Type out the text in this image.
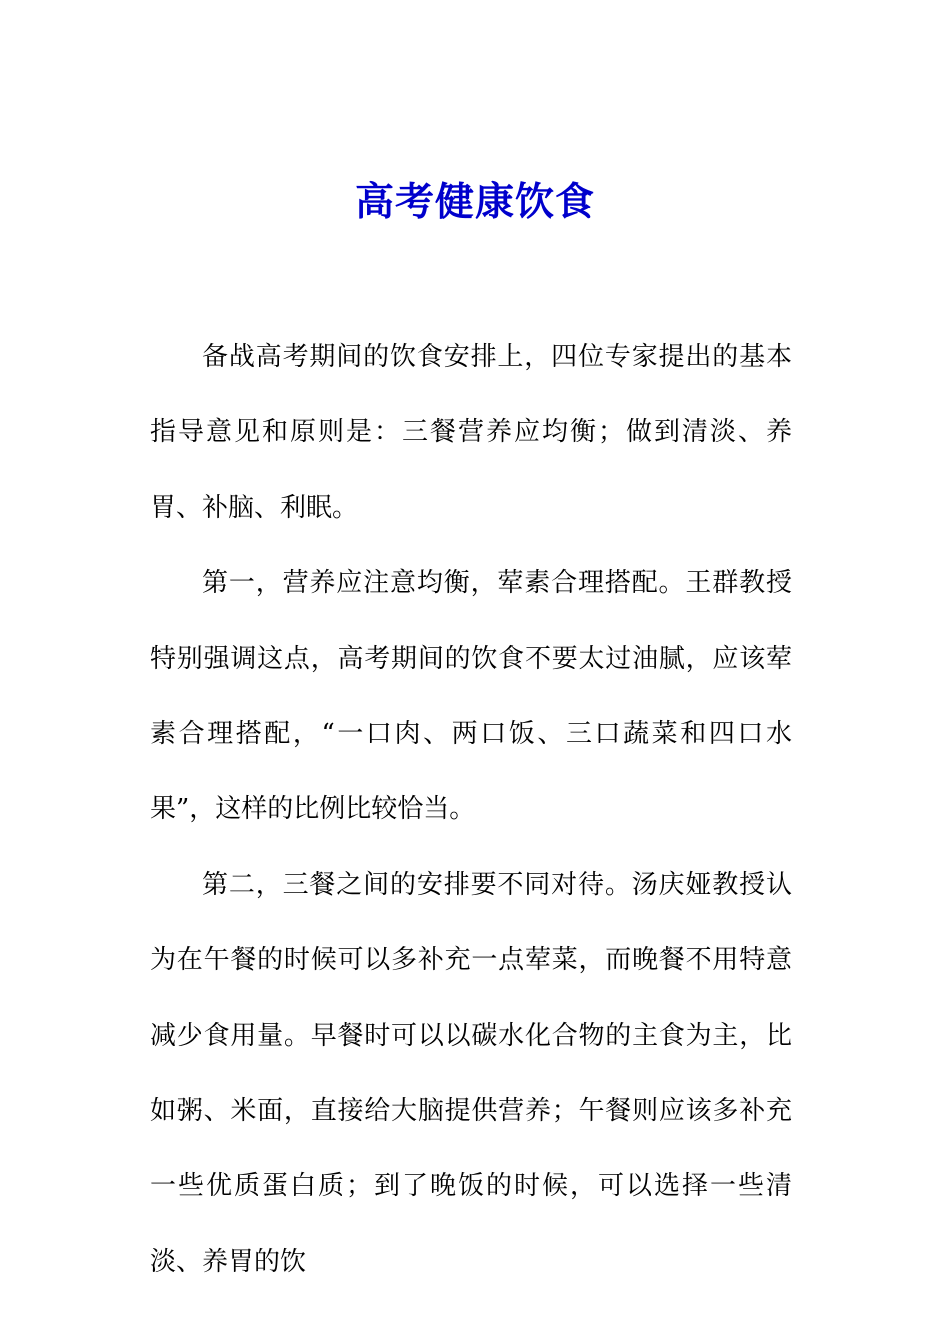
高考健康饮食

备战高考期间的饮食安排上，四位专家提出的基本指导意见和原则是：三餐营养应均衡；做到清淡、养胃、补脑、利眠。

第一，营养应注意均衡，荤素合理搭配。王群教授特别强调这点，高考期间的饮食不要太过油腻，应该荤素合理搭配，“一口肉、两口饭、三口蔬菜和四口水果”，这样的比例比较恰当。

第二，三餐之间的安排要不同对待。汤庆娅教授认为在午餐的时候可以多补充一点荤菜，而晚餐不用特意减少食用量。早餐时可以以碳水化合物的主食为主，比如粥、米面，直接给大脑提供营养；午餐则应该多补充一些优质蛋白质；到了晚饭的时候，可以选择一些清淡、养胃的饮
